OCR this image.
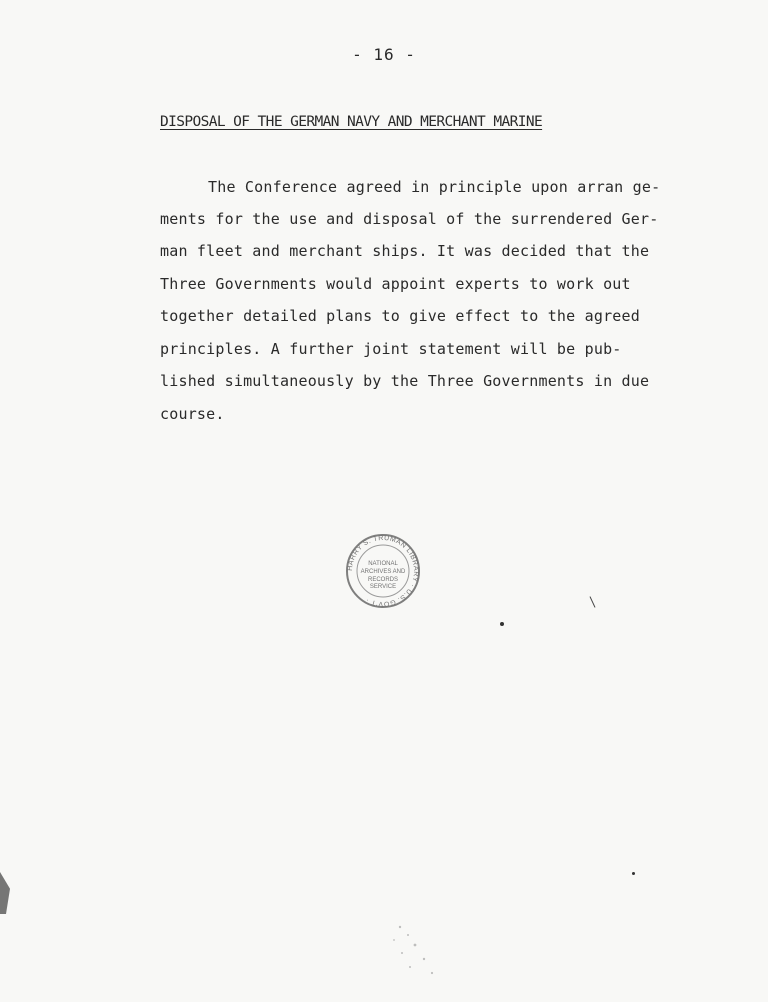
- 16 -
DISPOSAL OF THE GERMAN NAVY AND MERCHANT MARINE
The Conference agreed in principle upon arran ge-
ments for the use and disposal of the surrendered Ger-
man fleet and merchant ships. It was decided that the
Three Governments would appoint experts to work out
together detailed plans to give effect to the agreed
principles. A further joint statement will be pub-
lished simultaneously by the Three Governments in due
course.
HARRY S. TRUMAN LIBRARY · U.S. GOV'T ·
NATIONAL
ARCHIVES AND
RECORDS
SERVICE
